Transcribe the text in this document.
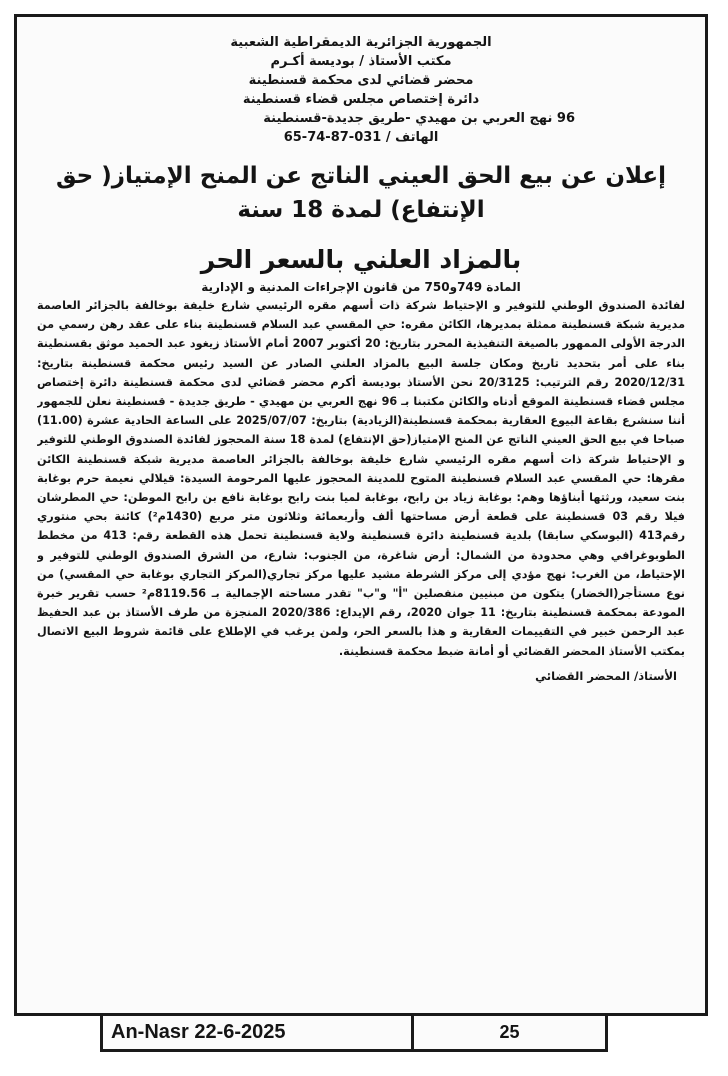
الجمهورية الجزائرية الديمقراطية الشعبية

مكتب الأستاذ / بوديسة أكـرم

محضر قضائي لدى محكمة قسنطينة

دائرة إختصاص مجلس قضاء قسنطينة

96 نهج العربي بن مهيدي -طريق جديدة-قسنطينة

الهاتف / 031-87-74-65

إعلان عن بيع الحق العيني الناتج عن المنح الإمتياز( حق
الإنتفاع) لمدة 18 سنة
بالمزاد العلني بالسعر الحر
المادة 749و750 من قانون الإجراءات المدنية و الإدارية

لفائدة الصندوق الوطني للتوفير و الإحتياط شركة ذات أسهم مقره الرئيسي شارع خليفة بوخالفة بالجزائر العاصمة مديرية شبكة قسنطينة ممثلة بمديرها، الكائن مقره: حي المقسي عبد السلام قسنطينة بناء على عقد رهن رسمي من الدرجة الأولى الممهور بالصيغة التنفيذية المحرر بتاريخ: 20 أكتوبر 2007 أمام الأستاذ زيغود عبد الحميد موثق بقسنطينة بناء على أمر بتحديد تاريخ ومكان جلسة البيع بالمزاد العلني الصادر عن السيد رئيس محكمة قسنطينة بتاريخ: 2020/12/31 رقم الترتيب: 20/3125 نحن الأستاذ بوديسة أكرم محضر قضائي لدى محكمة قسنطينة دائرة إختصاص مجلس قضاء قسنطينة الموقع أدناه والكائن مكتبنا بـ 96 نهج العربي بن مهيدي - طريق جديدة - قسنطينة نعلن للجمهور أننا سنشرع بقاعة البيوع العقارية بمحكمة قسنطينة(الزيادية) بتاريخ: 2025/07/07 على الساعة الحادية عشرة (11.00) صباحا في بيع الحق العيني الناتج عن المنح الإمتياز(حق الإنتفاع) لمدة 18 سنة المحجوز لفائدة الصندوق الوطني للتوفير و الإحتياط شركة ذات أسهم مقره الرئيسي شارع خليفة بوخالفة بالجزائر العاصمة مديرية شبكة قسنطينة الكائن مقرها: حي المقسي عبد السلام قسنطينة المتوح للمدينة المحجوز عليها المرحومة السيدة: قيلالي نعيمة حرم بوغابة بنت سعيد، ورثتها أبناؤها وهم: بوغابة زياد بن رابح، بوغابة لميا بنت رابح بوغابة نافع بن رابح الموطن: حي المطرشان فيلا رقم 03 قسنطينة على قطعة أرض مساحتها ألف وأربعمائة وثلاثون متر مربع (1430م²) كائنة بحي منتوري رقم413 (البوسكي سابقا) بلدية قسنطينة دائرة قسنطينة ولاية قسنطينة تحمل هذه القطعة رقم: 413 من مخطط الطوبوغرافي وهي محدودة من الشمال: أرض شاغرة، من الجنوب: شارع، من الشرق الصندوق الوطني للتوفير و الإحتياط، من الغرب: نهج مؤدي إلى مركز الشرطة مشيد عليها مركز تجاري(المركز التجاري بوغابة حي المقسي) من نوع مستأجر(الخضار) يتكون من مبنيين منفصلين "أ" و"ب" تقدر مساحته الإجمالية بـ 8119.56م² حسب تقرير خبرة المودعة بمحكمة قسنطينة بتاريخ: 11 جوان 2020، رقم الإيداع: 2020/386 المنجزة من طرف الأستاذ بن عبد الحفيظ عبد الرحمن خبير في التقييمات العقارية و هذا بالسعر الحر، ولمن يرغب في الإطلاع على قائمة شروط البيع الاتصال بمكتب الأستاذ المحضر القضائي أو أمانة ضبط محكمة قسنطينة.

الأستاذ/ المحضر القضائي
An-Nasr 22-6-2025	25
